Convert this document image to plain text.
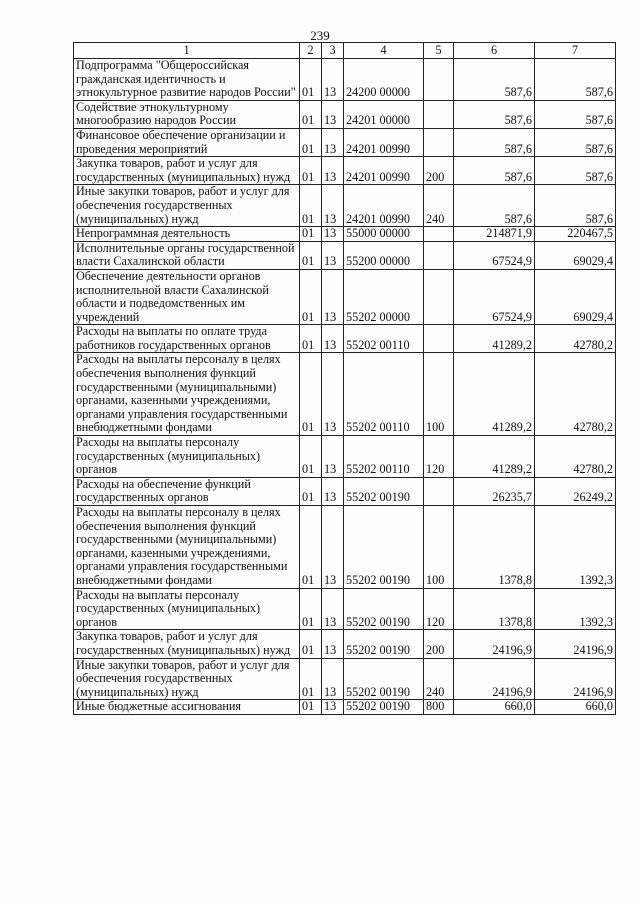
239
1	2	3	4	5	6	7
Подпрограмма "Общероссийская гражданская идентичность и этнокультурное развитие народов России"	01	13	24200 00000		587,6	587,6
Содействие этнокультурному многообразию народов России	01	13	24201 00000		587,6	587,6
Финансовое обеспечение организации и проведения мероприятий	01	13	24201 00990		587,6	587,6
Закупка товаров, работ и услуг для государственных (муниципальных) нужд	01	13	24201 00990	200	587,6	587,6
Иные закупки товаров, работ и услуг для обеспечения государственных (муниципальных) нужд	01	13	24201 00990	240	587,6	587,6
Непрограммная деятельность	01	13	55000 00000		214871,9	220467,5
Исполнительные органы государственной власти Сахалинской области	01	13	55200 00000		67524,9	69029,4
Обеспечение деятельности органов исполнительной власти Сахалинской области и подведомственных им учреждений	01	13	55202 00000		67524,9	69029,4
Расходы на выплаты по оплате труда работников государственных органов	01	13	55202 00110		41289,2	42780,2
Расходы на выплаты персоналу в целях обеспечения выполнения функций государственными (муниципальными) органами, казенными учреждениями, органами управления государственными внебюджетными фондами	01	13	55202 00110	100	41289,2	42780,2
Расходы на выплаты персоналу государственных (муниципальных) органов	01	13	55202 00110	120	41289,2	42780,2
Расходы на обеспечение функций государственных органов	01	13	55202 00190		26235,7	26249,2
Расходы на выплаты персоналу в целях обеспечения выполнения функций государственными (муниципальными) органами, казенными учреждениями, органами управления государственными внебюджетными фондами	01	13	55202 00190	100	1378,8	1392,3
Расходы на выплаты персоналу государственных (муниципальных) органов	01	13	55202 00190	120	1378,8	1392,3
Закупка товаров, работ и услуг для государственных (муниципальных) нужд	01	13	55202 00190	200	24196,9	24196,9
Иные закупки товаров, работ и услуг для обеспечения государственных (муниципальных) нужд	01	13	55202 00190	240	24196,9	24196,9
Иные бюджетные ассигнования	01	13	55202 00190	800	660,0	660,0
